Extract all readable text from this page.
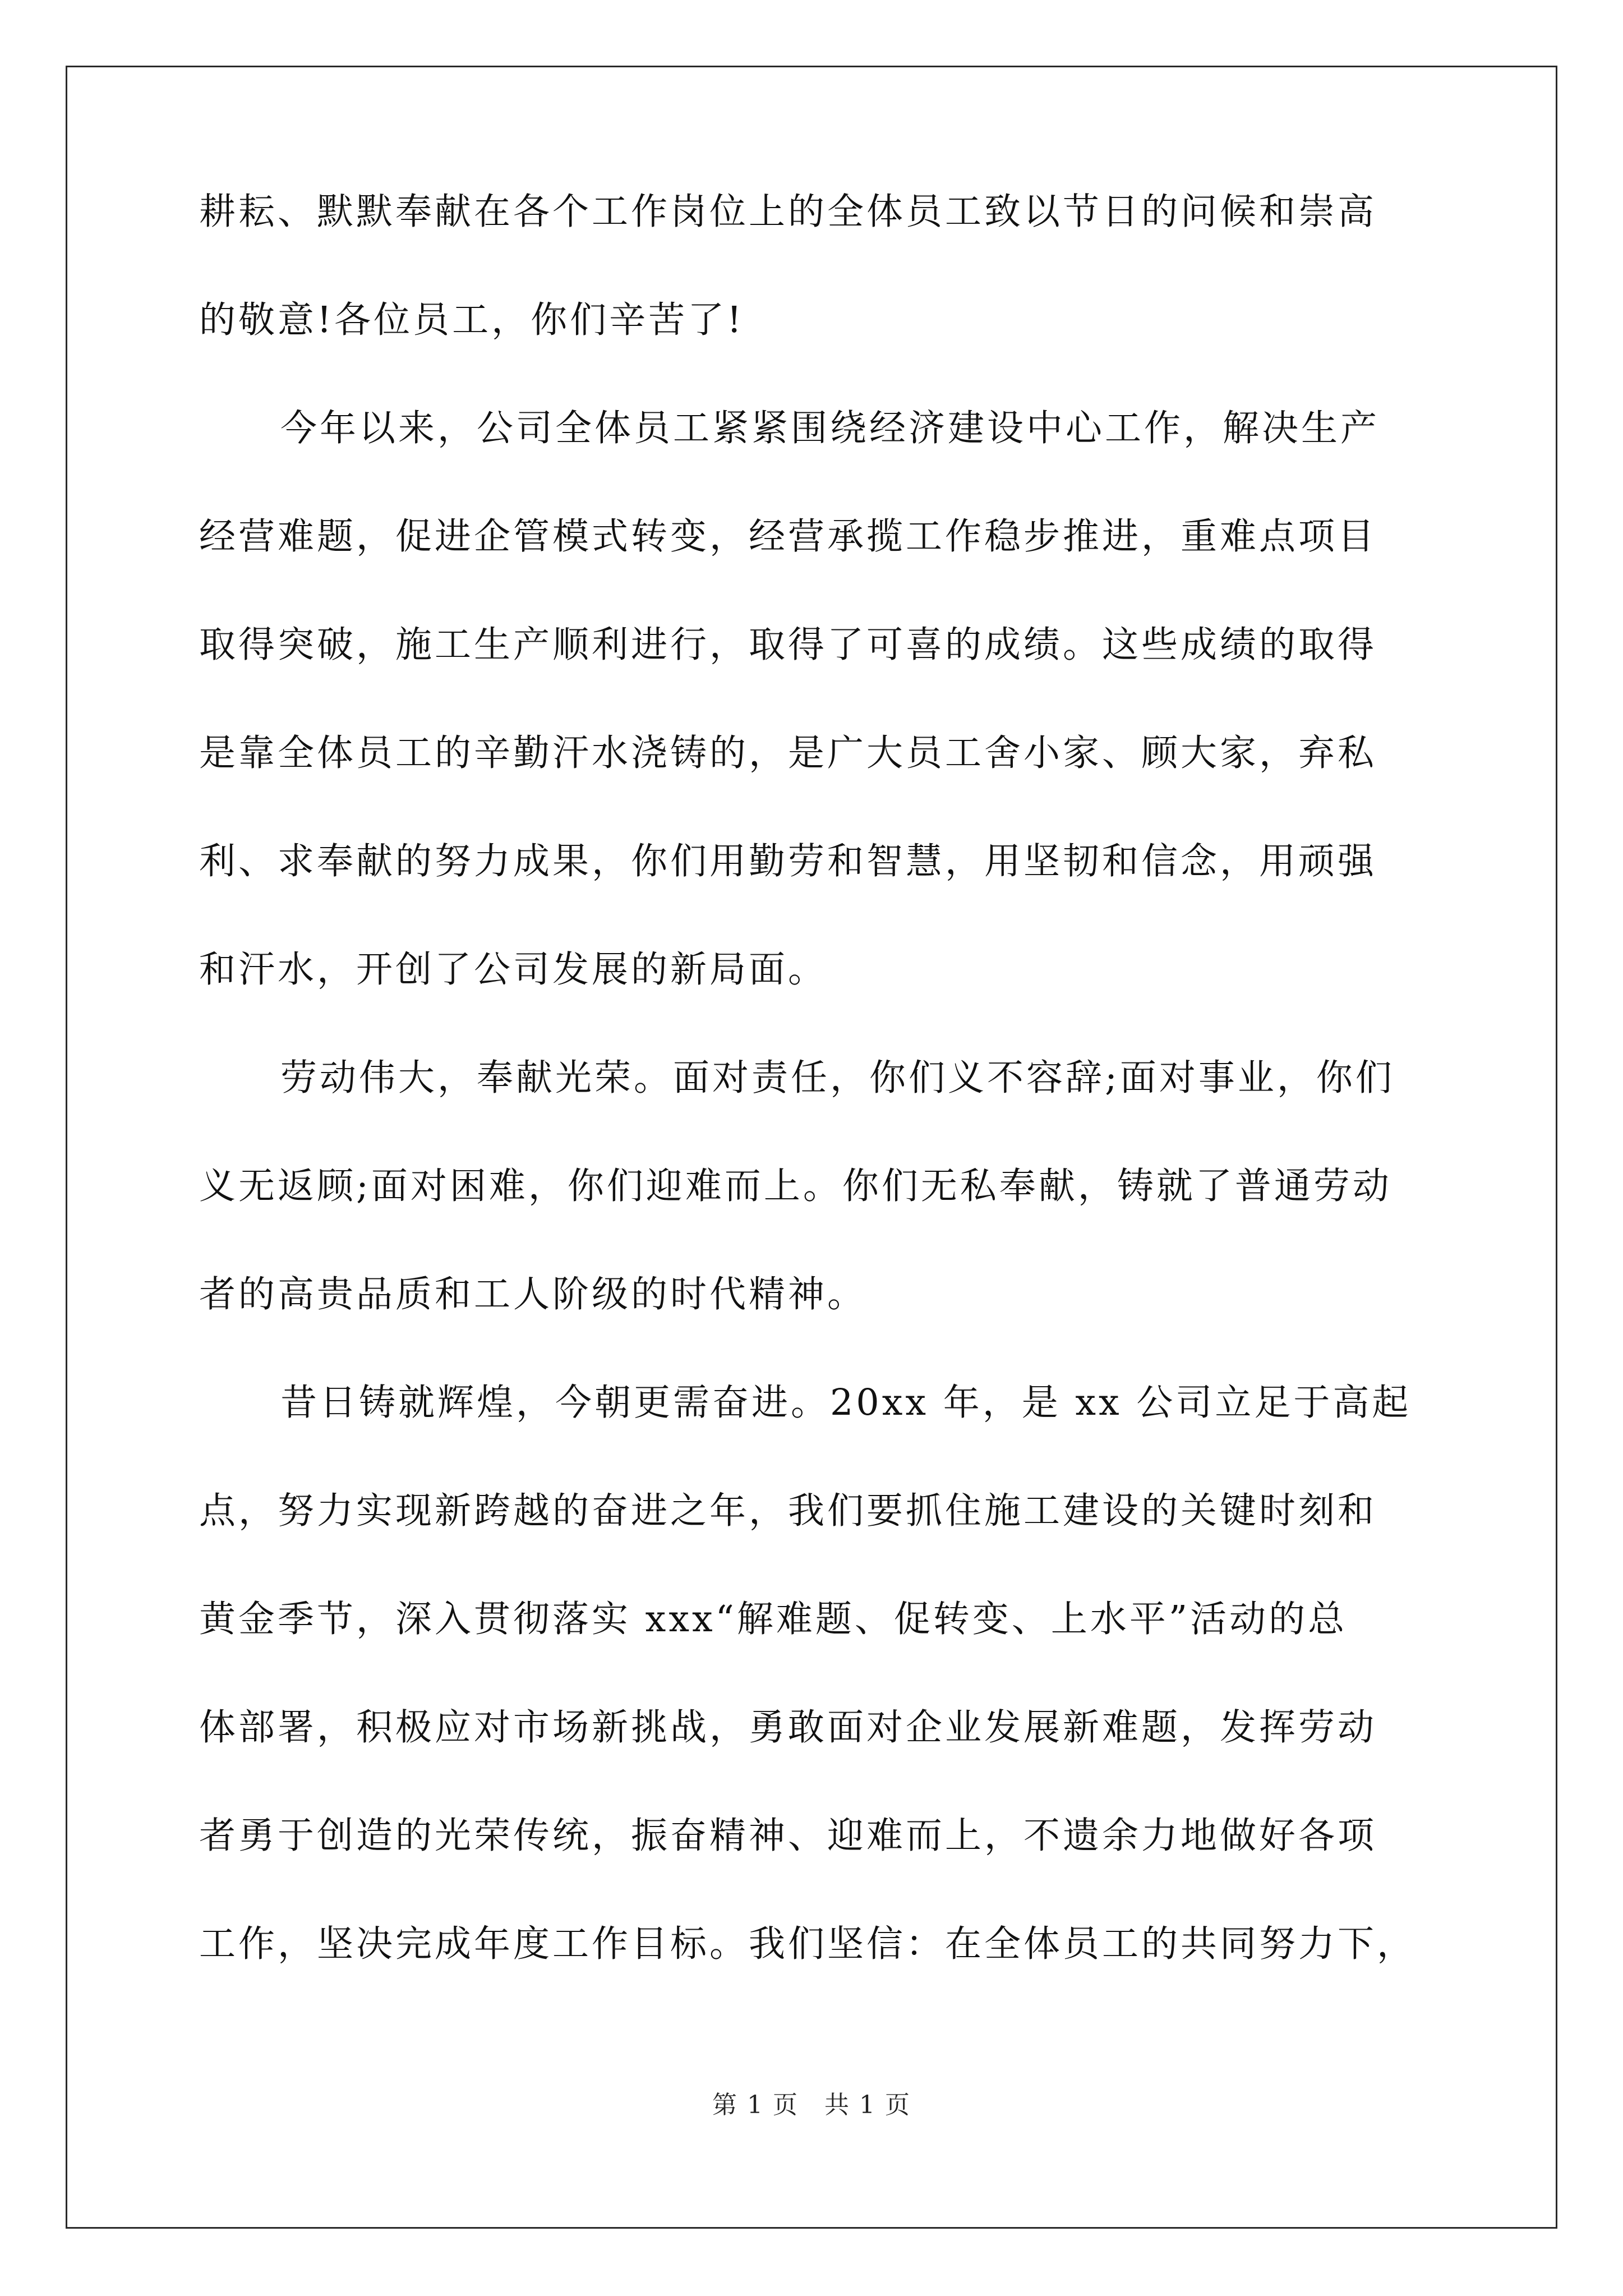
耕耘、默默奉献在各个工作岗位上的全体员工致以节日的问候和崇高
的敬意!各位员工，你们辛苦了!
今年以来，公司全体员工紧紧围绕经济建设中心工作，解决生产
经营难题，促进企管模式转变，经营承揽工作稳步推进，重难点项目
取得突破，施工生产顺利进行，取得了可喜的成绩。这些成绩的取得
是靠全体员工的辛勤汗水浇铸的，是广大员工舍小家、顾大家，弃私
利、求奉献的努力成果，你们用勤劳和智慧，用坚韧和信念，用顽强
和汗水，开创了公司发展的新局面。
劳动伟大，奉献光荣。面对责任，你们义不容辞;面对事业，你们
义无返顾;面对困难，你们迎难而上。你们无私奉献，铸就了普通劳动
者的高贵品质和工人阶级的时代精神。
昔日铸就辉煌，今朝更需奋进。20xx 年，是 xx 公司立足于高起
点，努力实现新跨越的奋进之年，我们要抓住施工建设的关键时刻和
黄金季节，深入贯彻落实 xxx“解难题、促转变、上水平”活动的总
体部署，积极应对市场新挑战，勇敢面对企业发展新难题，发挥劳动
者勇于创造的光荣传统，振奋精神、迎难而上，不遗余力地做好各项
工作，坚决完成年度工作目标。我们坚信：在全体员工的共同努力下，
第 1 页　共 1 页
